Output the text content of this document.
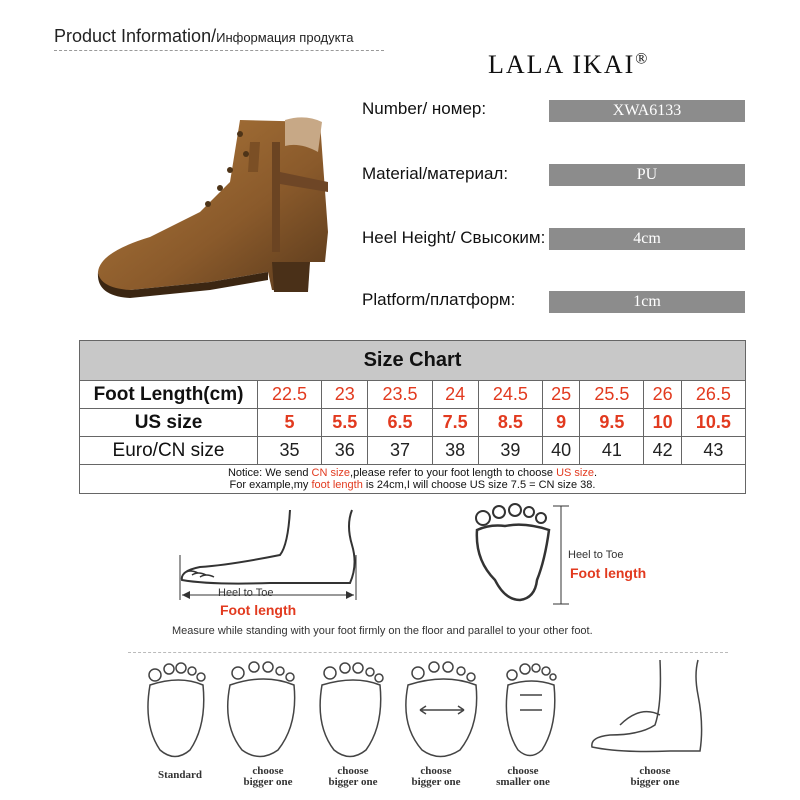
Product Information/Информация продукта
LALA IKAI®
Number/ номер:	XWA6133
Material/материал:	PU
Heel Height/ Свысоким:	4cm
Platform/платформ:	1cm
Size Chart									
Foot Length(cm)	22.5	23	23.5	24	24.5	25	25.5	26	26.5
US size	5	5.5	6.5	7.5	8.5	9	9.5	10	10.5
Euro/CN size	35	36	37	38	39	40	41	42	43
Notice: We send CN size,please refer to your foot length to choose US size.
For example,my foot length is 24cm,I will choose US size 7.5 = CN size 38.									
Heel to Toe
Foot length
Heel to Toe
Foot length
Measure while standing with your foot firmly on the floor and parallel to your other foot.
Standard	choose
bigger one
choose
bigger one
choose
bigger one
choose
smaller one
choose
bigger one
